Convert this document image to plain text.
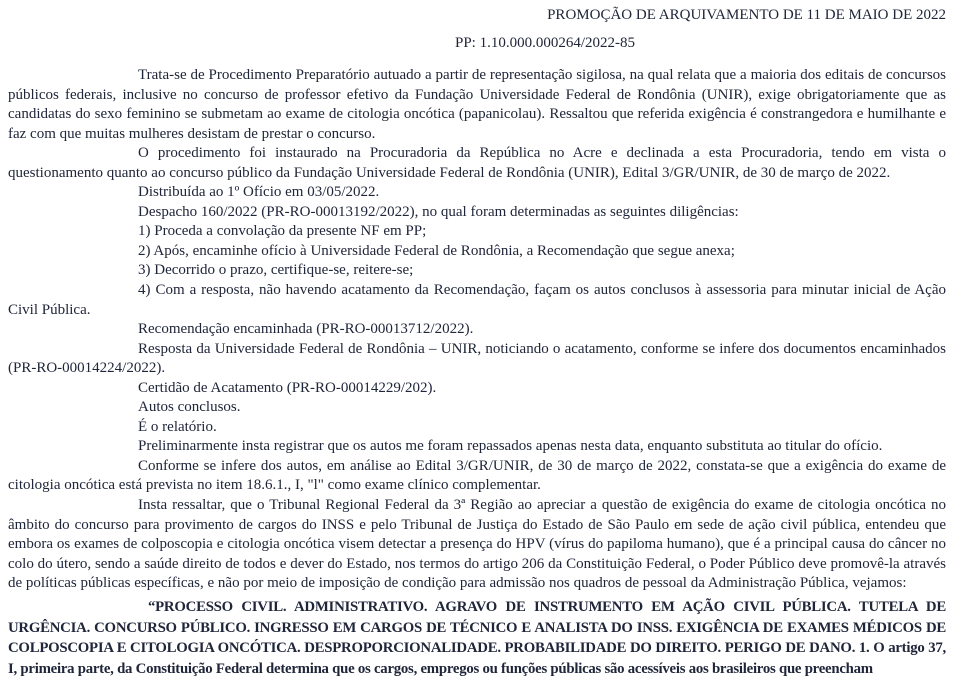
PROMOÇÃO DE ARQUIVAMENTO DE 11 DE MAIO DE 2022
PP: 1.10.000.000264/2022-85

Trata-se de Procedimento Preparatório autuado a partir de representação sigilosa, na qual relata que a maioria dos editais de concursos públicos federais, inclusive no concurso de professor efetivo da Fundação Universidade Federal de Rondônia (UNIR), exige obrigatoriamente que as candidatas do sexo feminino se submetam ao exame de citologia oncótica (papanicolau). Ressaltou que referida exigência é constrangedora e humilhante e faz com que muitas mulheres desistam de prestar o concurso.

O procedimento foi instaurado na Procuradoria da República no Acre e declinada a esta Procuradoria, tendo em vista o questionamento quanto ao concurso público da Fundação Universidade Federal de Rondônia (UNIR), Edital 3/GR/UNIR, de 30 de março de 2022.

Distribuída ao 1º Ofício em 03/05/2022.

Despacho 160/2022 (PR-RO-00013192/2022), no qual foram determinadas as seguintes diligências:

1) Proceda a convolação da presente NF em PP;

2) Após, encaminhe ofício à Universidade Federal de Rondônia, a Recomendação que segue anexa;

3) Decorrido o prazo, certifique-se, reitere-se;

4) Com a resposta, não havendo acatamento da Recomendação, façam os autos conclusos à assessoria para minutar inicial de Ação Civil Pública.

Recomendação encaminhada (PR-RO-00013712/2022).

Resposta da Universidade Federal de Rondônia – UNIR, noticiando o acatamento, conforme se infere dos documentos encaminhados (PR-RO-00014224/2022).

Certidão de Acatamento (PR-RO-00014229/202).

Autos conclusos.

É o relatório.

Preliminarmente insta registrar que os autos me foram repassados apenas nesta data, enquanto substituta ao titular do ofício.

Conforme se infere dos autos, em análise ao Edital 3/GR/UNIR, de 30 de março de 2022, constata-se que a exigência do exame de citologia oncótica está prevista no item 18.6.1., I, "l" como exame clínico complementar.

Insta ressaltar, que o Tribunal Regional Federal da 3ª Região ao apreciar a questão de exigência do exame de citologia oncótica no âmbito do concurso para provimento de cargos do INSS e pelo Tribunal de Justiça do Estado de São Paulo em sede de ação civil pública, entendeu que embora os exames de colposcopia e citologia oncótica visem detectar a presença do HPV (vírus do papiloma humano), que é a principal causa do câncer no colo do útero, sendo a saúde direito de todos e dever do Estado, nos termos do artigo 206 da Constituição Federal, o Poder Público deve promovê-la através de políticas públicas específicas, e não por meio de imposição de condição para admissão nos quadros de pessoal da Administração Pública, vejamos:

“PROCESSO CIVIL. ADMINISTRATIVO. AGRAVO DE INSTRUMENTO EM AÇÃO CIVIL PÚBLICA. TUTELA DE URGÊNCIA. CONCURSO PÚBLICO. INGRESSO EM CARGOS DE TÉCNICO E ANALISTA DO INSS. EXIGÊNCIA DE EXAMES MÉDICOS DE COLPOSCOPIA E CITOLOGIA ONCÓTICA. DESPROPORCIONALIDADE. PROBABILIDADE DO DIREITO. PERIGO DE DANO. 1. O artigo 37, I, primeira parte, da Constituição Federal determina que os cargos, empregos ou funções públicas são acessíveis aos brasileiros que preencham
